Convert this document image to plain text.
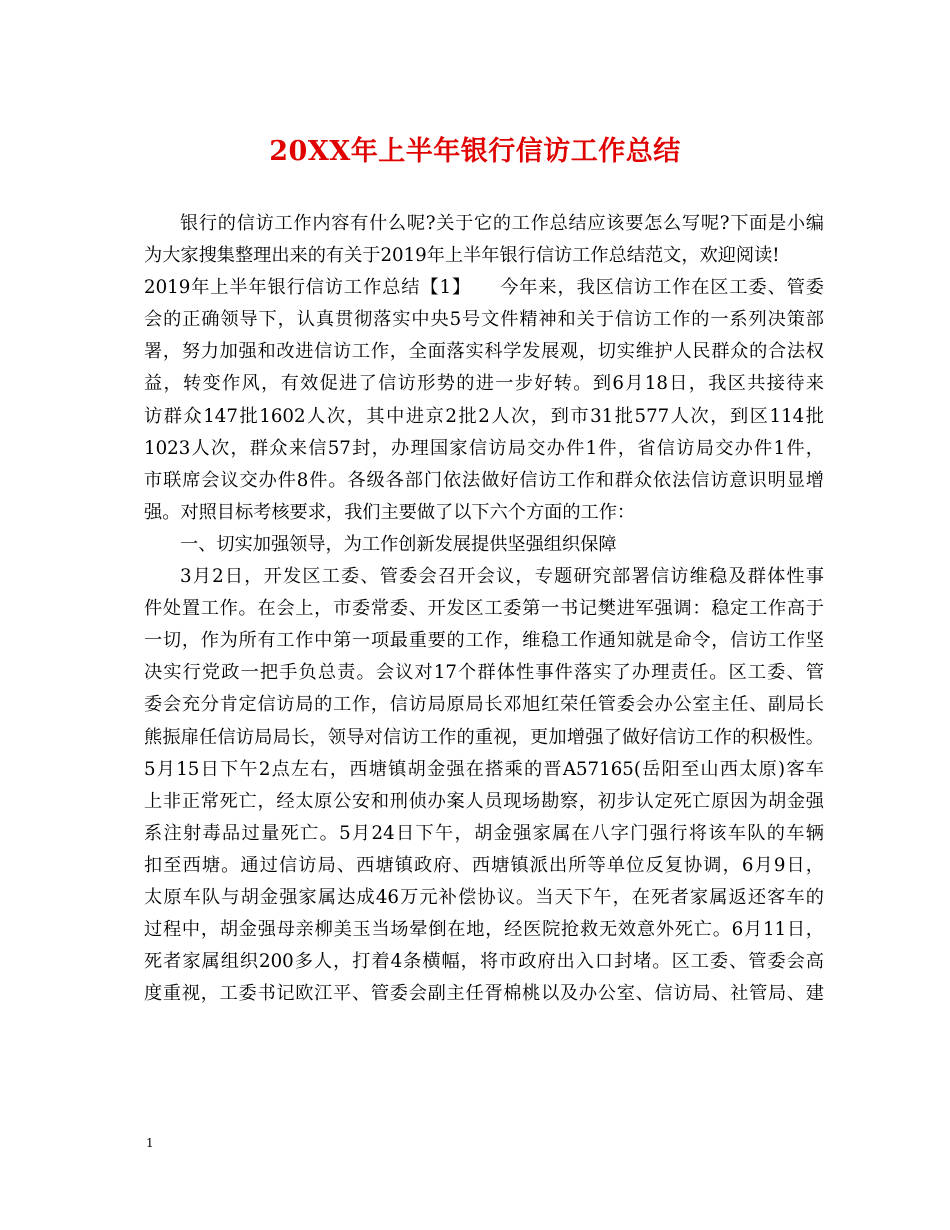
20XX年上半年银行信访工作总结
银行的信访工作内容有什么呢?关于它的工作总结应该要怎么写呢?下面是小编
为大家搜集整理出来的有关于2019年上半年银行信访工作总结范文，欢迎阅读!
2019年上半年银行信访工作总结【1】　　今年来，我区信访工作在区工委、管委
会的正确领导下，认真贯彻落实中央5号文件精神和关于信访工作的一系列决策部
署，努力加强和改进信访工作，全面落实科学发展观，切实维护人民群众的合法权
益，转变作风，有效促进了信访形势的进一步好转。到6月18日，我区共接待来
访群众147批1602人次，其中进京2批2人次，到市31批577人次，到区114批
1023人次，群众来信57封，办理国家信访局交办件1件，省信访局交办件1件，
市联席会议交办件8件。各级各部门依法做好信访工作和群众依法信访意识明显增
强。对照目标考核要求，我们主要做了以下六个方面的工作：
一、切实加强领导，为工作创新发展提供坚强组织保障
3月2日，开发区工委、管委会召开会议，专题研究部署信访维稳及群体性事
件处置工作。在会上，市委常委、开发区工委第一书记樊进军强调：稳定工作高于
一切，作为所有工作中第一项最重要的工作，维稳工作通知就是命令，信访工作坚
决实行党政一把手负总责。会议对17个群体性事件落实了办理责任。区工委、管
委会充分肯定信访局的工作，信访局原局长邓旭红荣任管委会办公室主任、副局长
熊振扉任信访局局长，领导对信访工作的重视，更加增强了做好信访工作的积极性。
5月15日下午2点左右，西塘镇胡金强在搭乘的晋A57165(岳阳至山西太原)客车
上非正常死亡，经太原公安和刑侦办案人员现场勘察，初步认定死亡原因为胡金强
系注射毒品过量死亡。5月24日下午，胡金强家属在八字门强行将该车队的车辆
扣至西塘。通过信访局、西塘镇政府、西塘镇派出所等单位反复协调，6月9日，
太原车队与胡金强家属达成46万元补偿协议。当天下午，在死者家属返还客车的
过程中，胡金强母亲柳美玉当场晕倒在地，经医院抢救无效意外死亡。6月11日，
死者家属组织200多人，打着4条横幅，将市政府出入口封堵。区工委、管委会高
度重视，工委书记欧江平、管委会副主任胥棉桃以及办公室、信访局、社管局、建
1
